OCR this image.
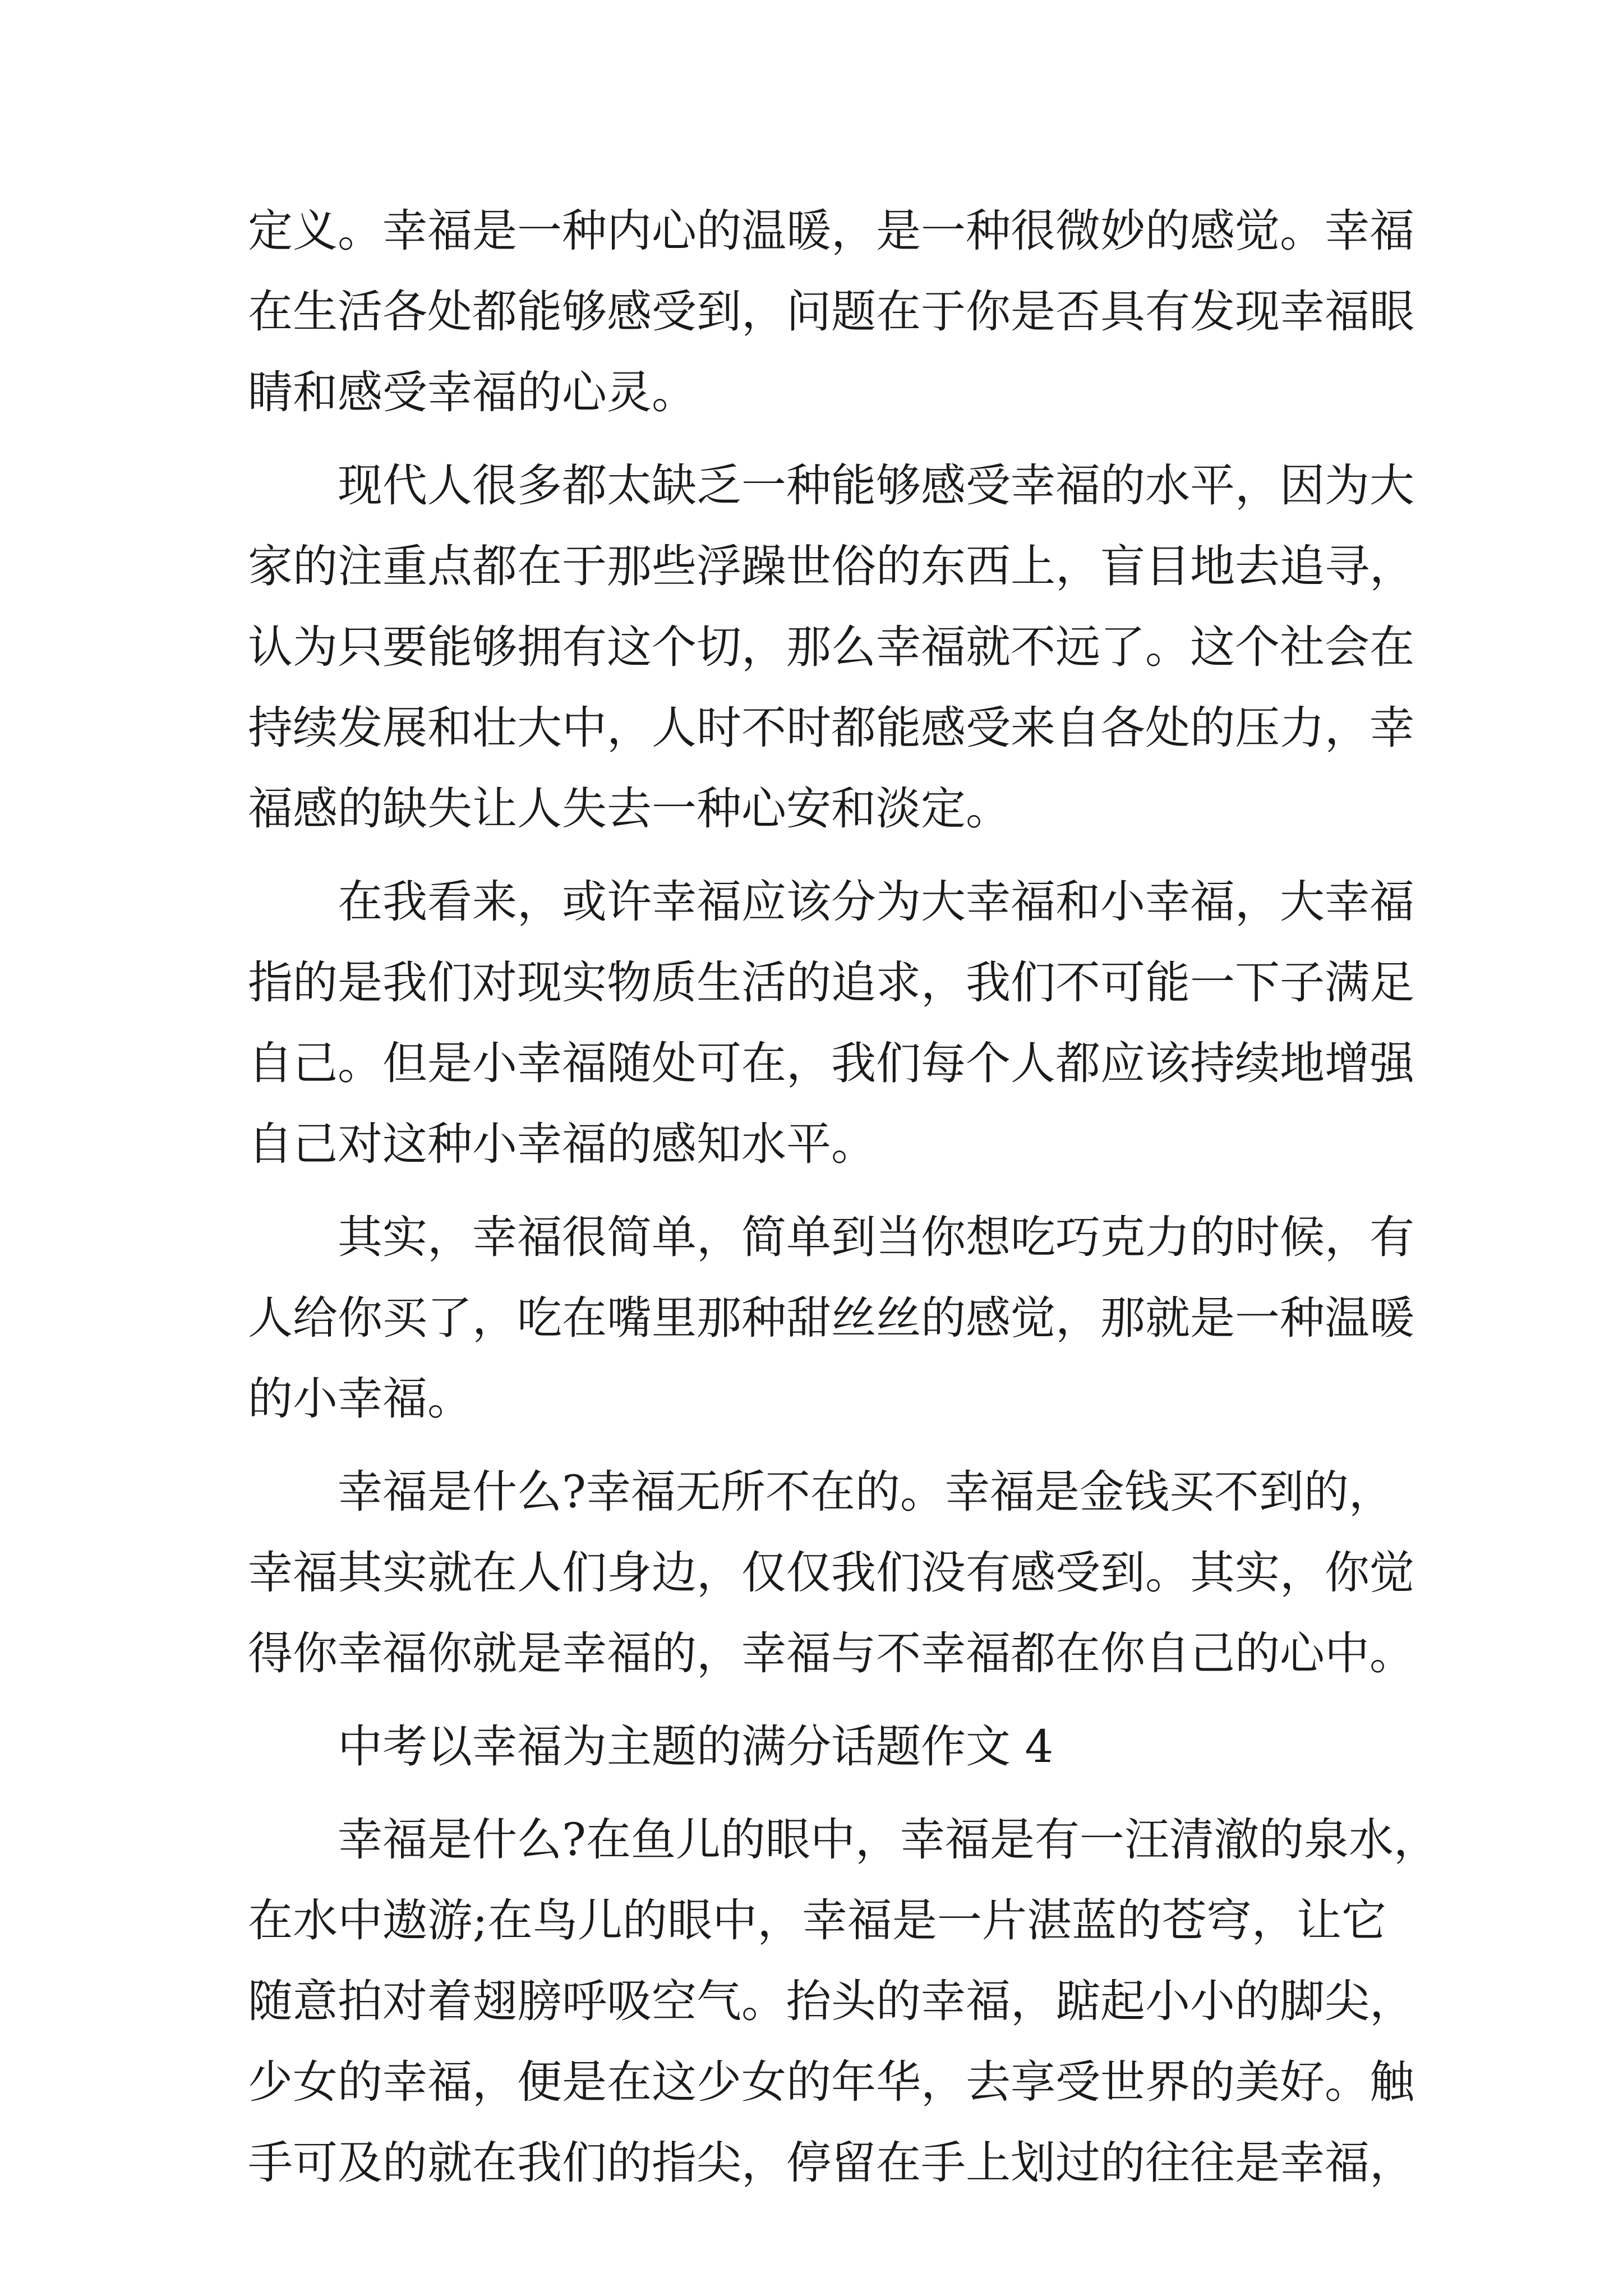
定义。幸福是一种内心的温暖，是一种很微妙的感觉。幸福
在生活各处都能够感受到，问题在于你是否具有发现幸福眼
睛和感受幸福的心灵。
现代人很多都太缺乏一种能够感受幸福的水平，因为大
家的注重点都在于那些浮躁世俗的东西上，盲目地去追寻，
认为只要能够拥有这个切，那么幸福就不远了。这个社会在
持续发展和壮大中，人时不时都能感受来自各处的压力，幸
福感的缺失让人失去一种心安和淡定。
在我看来，或许幸福应该分为大幸福和小幸福，大幸福
指的是我们对现实物质生活的追求，我们不可能一下子满足
自己。但是小幸福随处可在，我们每个人都应该持续地增强
自己对这种小幸福的感知水平。
其实，幸福很简单，简单到当你想吃巧克力的时候，有
人给你买了，吃在嘴里那种甜丝丝的感觉，那就是一种温暖
的小幸福。
幸福是什么?幸福无所不在的。幸福是金钱买不到的，
幸福其实就在人们身边，仅仅我们没有感受到。其实，你觉
得你幸福你就是幸福的，幸福与不幸福都在你自己的心中。
中考以幸福为主题的满分话题作文 4
幸福是什么?在鱼儿的眼中，幸福是有一汪清澈的泉水，
在水中遨游;在鸟儿的眼中，幸福是一片湛蓝的苍穹，让它
随意拍对着翅膀呼吸空气。抬头的幸福，踮起小小的脚尖，
少女的幸福，便是在这少女的年华，去享受世界的美好。触
手可及的就在我们的指尖，停留在手上划过的往往是幸福，
